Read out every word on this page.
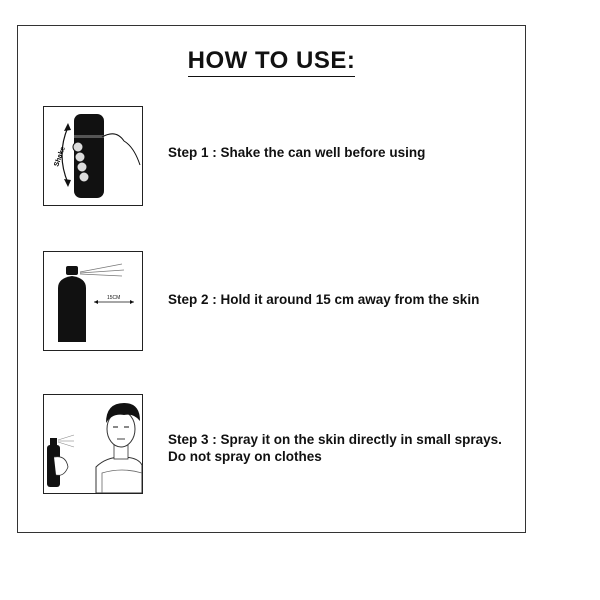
HOW TO USE:
Shake	Step 1 : Shake the can well before using
15CM	Step 2 : Hold it around 15 cm away from the skin
Step 3 : Spray it on the skin directly in small sprays. Do not spray on clothes
